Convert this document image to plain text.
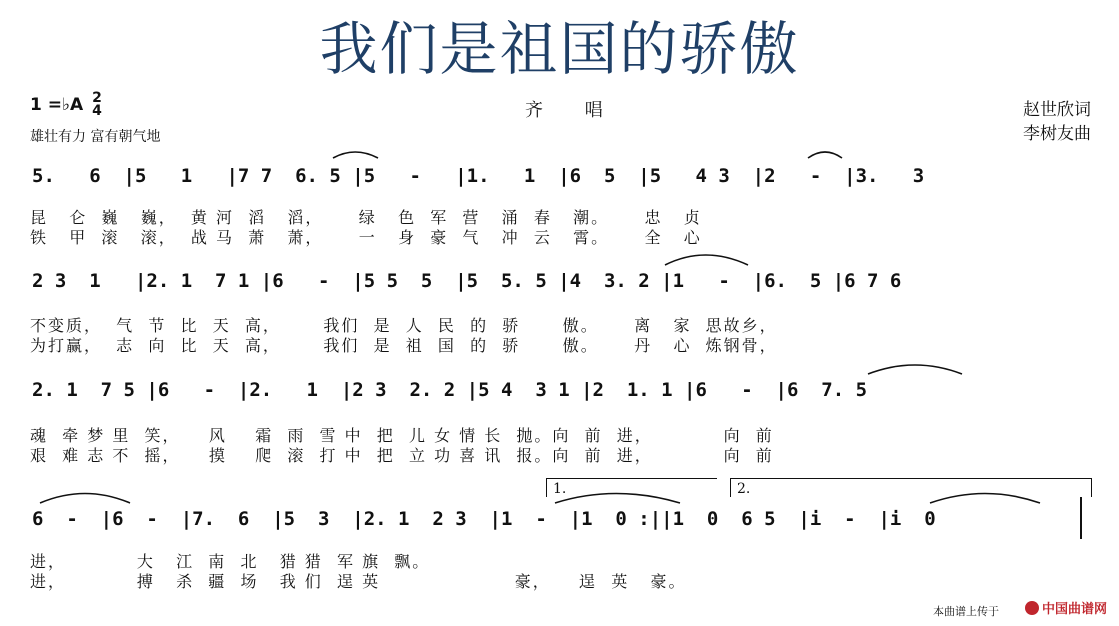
我们是祖国的骄傲
1 =♭A 2
4
雄壮有力 富有朝气地
齐 唱	赵世欣词
李树友曲
5.   6  |5   1   |7 7  6. 5 |5   -   |1.   1  |6  5  |5   4 3  |2   -  |3.   3
昆   仑  巍   巍，  黄 河  滔   滔，     绿   色  军  营   涌  春   潮。     忠   贞
铁   甲  滚   滚，  战 马  萧   萧，     一   身  豪  气   冲  云   霄。     全   心
2 3  1   |2. 1  7 1 |6   -  |5 5  5  |5  5. 5 |4  3. 2 |1   -  |6.  5 |6 7 6
不变质，  气  节  比  天  高，      我们  是  人  民  的  骄      傲。     离   家  思故乡，
为打赢，  志  向  比  天  高，      我们  是  祖  国  的  骄      傲。     丹   心  炼钢骨，
2. 1  7 5 |6   -  |2.   1  |2 3  2. 2 |5 4  3 1 |2  1. 1 |6   -  |6  7. 5
魂  牵 梦 里  笑，    风    霜  雨  雪 中  把  儿 女 情 长  抛。向  前  进，          向  前
艰  难 志 不  摇，    摸    爬  滚  打 中  把  立 功 喜 讯  报。向  前  进，          向  前
6  -  |6  -  |7.  6  |5  3  |2. 1  2 3  |1  -  |1  0 :||1  0  6 5  |i  -  |i  0
进，          大   江  南  北   猎 猎  军 旗  飘。
进，          搏   杀  疆  场   我 们  逞 英                   豪，    逞  英   豪。
1.	2.
本曲谱上传于	中国曲谱网
